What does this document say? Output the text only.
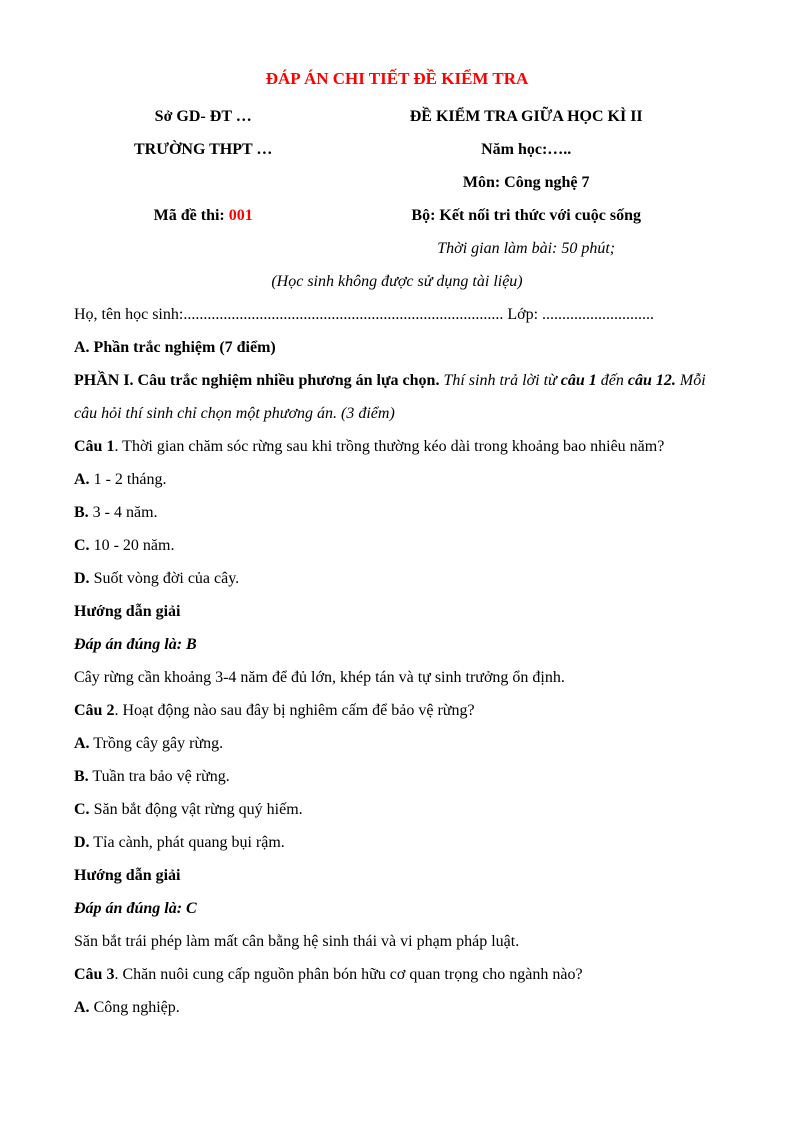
ĐÁP ÁN CHI TIẾT ĐỀ KIỂM TRA
Sở GD- ĐT …
TRƯỜNG THPT …
Mã đề thi: 001
ĐỀ KIỂM TRA GIỮA HỌC KÌ II
Năm học:…..
Môn: Công nghệ 7
Bộ: Kết nối tri thức với cuộc sống
Thời gian làm bài: 50 phút;

(Học sinh không được sử dụng tài liệu)

Họ, tên học sinh:................................................................................ Lớp: ............................

A. Phần trắc nghiệm (7 điểm)

PHẦN I. Câu trắc nghiệm nhiều phương án lựa chọn. Thí sinh trả lời từ câu 1 đến câu 12. Mỗi câu hỏi thí sinh chỉ chọn một phương án. (3 điểm)

Câu 1. Thời gian chăm sóc rừng sau khi trồng thường kéo dài trong khoảng bao nhiêu năm?

A. 1 - 2 tháng.

B. 3 - 4 năm.

C. 10 - 20 năm.

D. Suốt vòng đời của cây.

Hướng dẫn giải

Đáp án đúng là: B

Cây rừng cần khoảng 3-4 năm để đủ lớn, khép tán và tự sinh trưởng ổn định.

Câu 2. Hoạt động nào sau đây bị nghiêm cấm để bảo vệ rừng?

A. Trồng cây gây rừng.

B. Tuần tra bảo vệ rừng.

C. Săn bắt động vật rừng quý hiếm.

D. Tỉa cành, phát quang bụi rậm.

Hướng dẫn giải

Đáp án đúng là: C

Săn bắt trái phép làm mất cân bằng hệ sinh thái và vi phạm pháp luật.

Câu 3. Chăn nuôi cung cấp nguồn phân bón hữu cơ quan trọng cho ngành nào?

A. Công nghiệp.
